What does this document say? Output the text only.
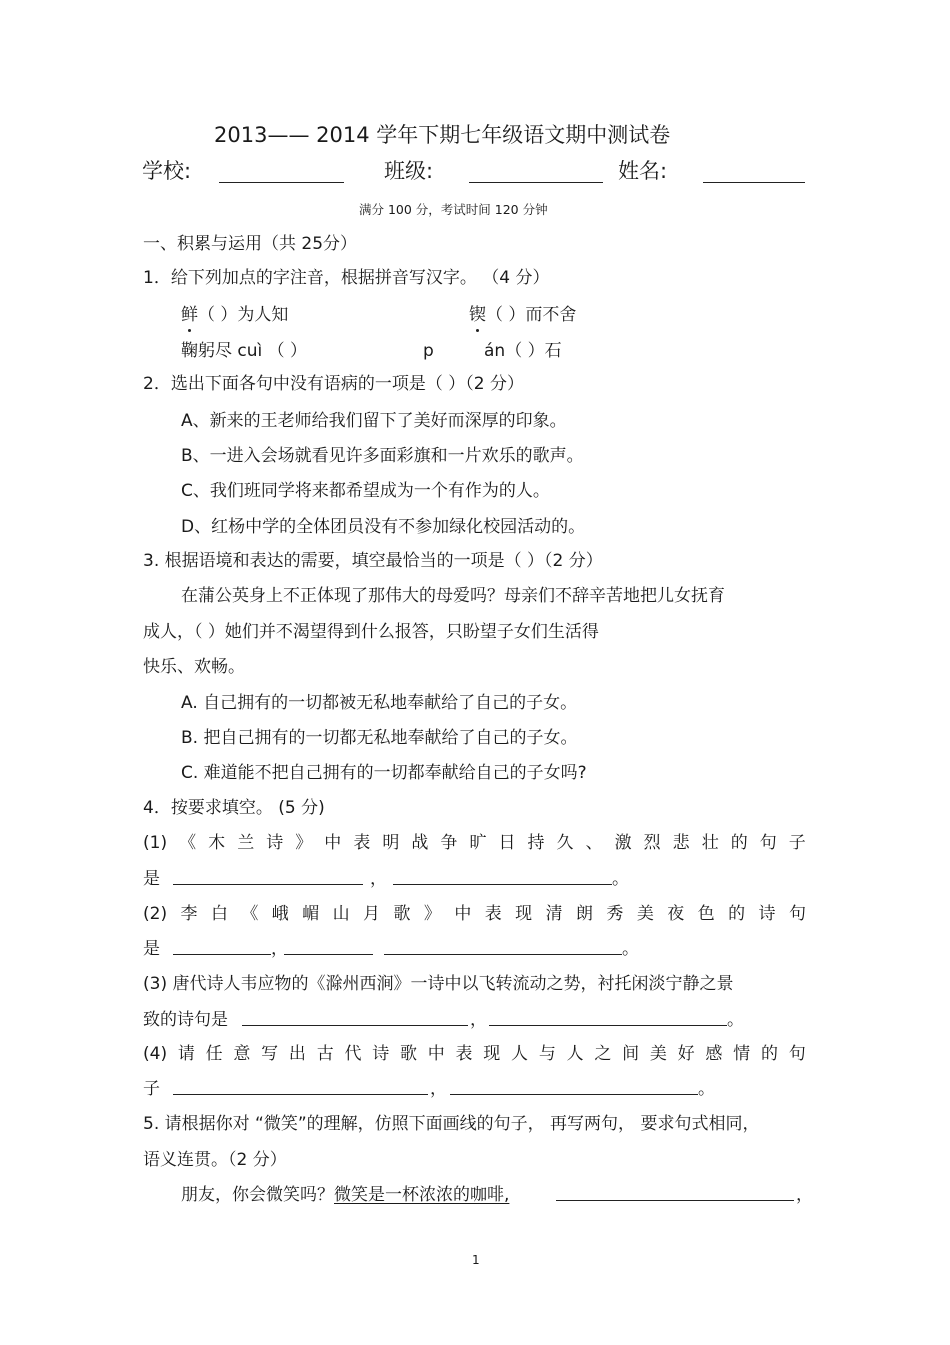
2013—— 2014 学年下期七年级语文期中测试卷
学校:	班级:	姓名:
满分 100 分，考试时间 120 分钟
一、积累与运用（共 25分）
1．给下列加点的字注音，根据拼音写汉字。 （4 分）
鲜（ ）为人知	锲（ ）而不舍
鞠躬尽 cuì （ ）	p	án（ ）石
2．选出下面各句中没有语病的一项是（ ）（2 分）
A、新来的王老师给我们留下了美好而深厚的印象。
B、一进入会场就看见许多面彩旗和一片欢乐的歌声。
C、我们班同学将来都希望成为一个有作为的人。
D、红杨中学的全体团员没有不参加绿化校园活动的。
3. 根据语境和表达的需要，填空最恰当的一项是（ ）（2 分）
在蒲公英身上不正体现了那伟大的母爱吗？母亲们不辞辛苦地把儿女抚育
成人，（ ）她们并不渴望得到什么报答，只盼望子女们生活得
快乐、欢畅。
A. 自己拥有的一切都被无私地奉献给了自己的子女。
B. 把自己拥有的一切都无私地奉献给了自己的子女。
C. 难道能不把自己拥有的一切都奉献给自己的子女吗?
4．按要求填空。 (5 分)
(1) 《 木 兰 诗 》 中 表 明 战 争 旷 日 持 久 、 激 烈 悲 壮 的 句 子
是	，	。
(2) 李 白 《 峨 嵋 山 月 歌 》 中 表 现 清 朗 秀 美 夜 色 的 诗 句
是	，	。
(3) 唐代诗人韦应物的《滁州西涧》一诗中以飞转流动之势，衬托闲淡宁静之景
致的诗句是	，	。
(4) 请 任 意 写 出 古 代 诗 歌 中 表 现 人 与 人 之 间 美 好 感 情 的 句
子	，	。
5. 请根据你对 “微笑”的理解，仿照下面画线的句子， 再写两句， 要求句式相同，
语义连贯。（2 分）
朋友，你会微笑吗？微笑是一杯浓浓的咖啡,	，
1
